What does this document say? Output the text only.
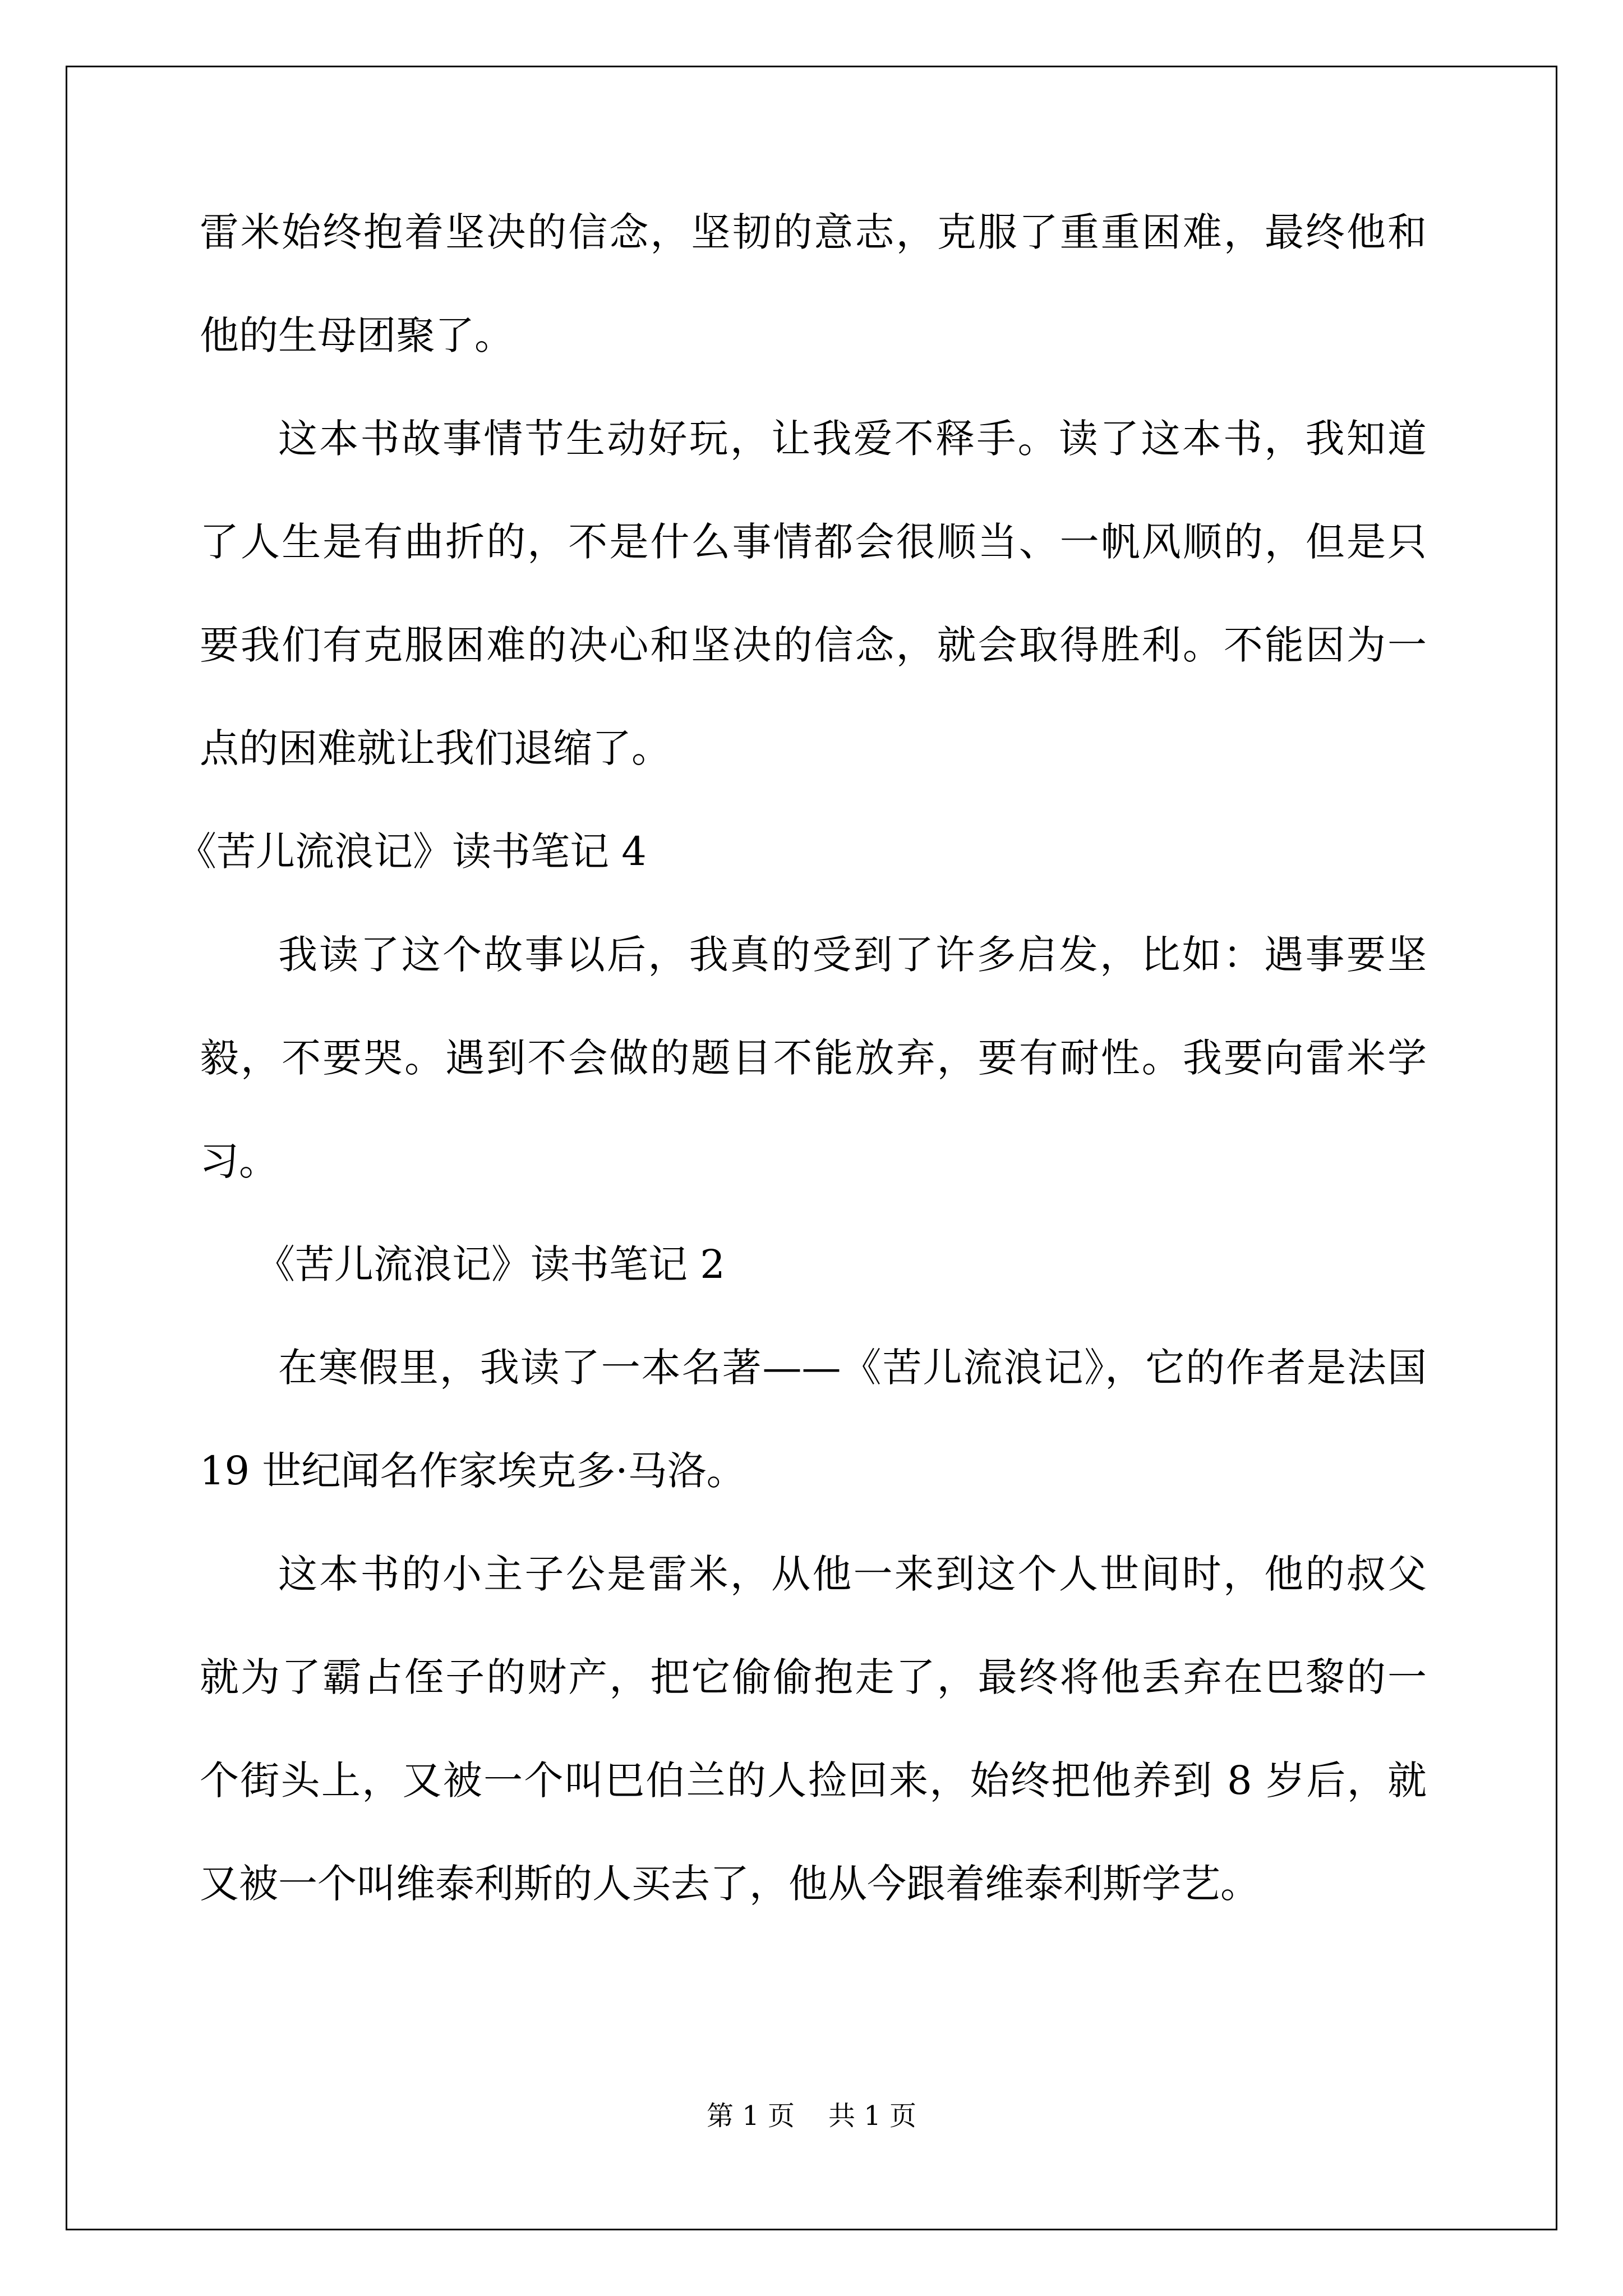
雷米始终抱着坚决的信念，坚韧的意志，克服了重重困难，最终他和
他的生母团聚了。
这本书故事情节生动好玩，让我爱不释手。读了这本书，我知道
了人生是有曲折的，不是什么事情都会很顺当、一帆风顺的，但是只
要我们有克服困难的决心和坚决的信念，就会取得胜利。不能因为一
点的困难就让我们退缩了。
《苦儿流浪记》读书笔记 4
我读了这个故事以后，我真的受到了许多启发，比如：遇事要坚
毅，不要哭。遇到不会做的题目不能放弃，要有耐性。我要向雷米学
习。
《苦儿流浪记》读书笔记 2
在寒假里，我读了一本名著——《苦儿流浪记》，它的作者是法国
19 世纪闻名作家埃克多·马洛。
这本书的小主子公是雷米，从他一来到这个人世间时，他的叔父
就为了霸占侄子的财产，把它偷偷抱走了，最终将他丢弃在巴黎的一
个街头上，又被一个叫巴伯兰的人捡回来，始终把他养到 8 岁后，就
又被一个叫维泰利斯的人买去了，他从今跟着维泰利斯学艺。
第 1 页 共 1 页
